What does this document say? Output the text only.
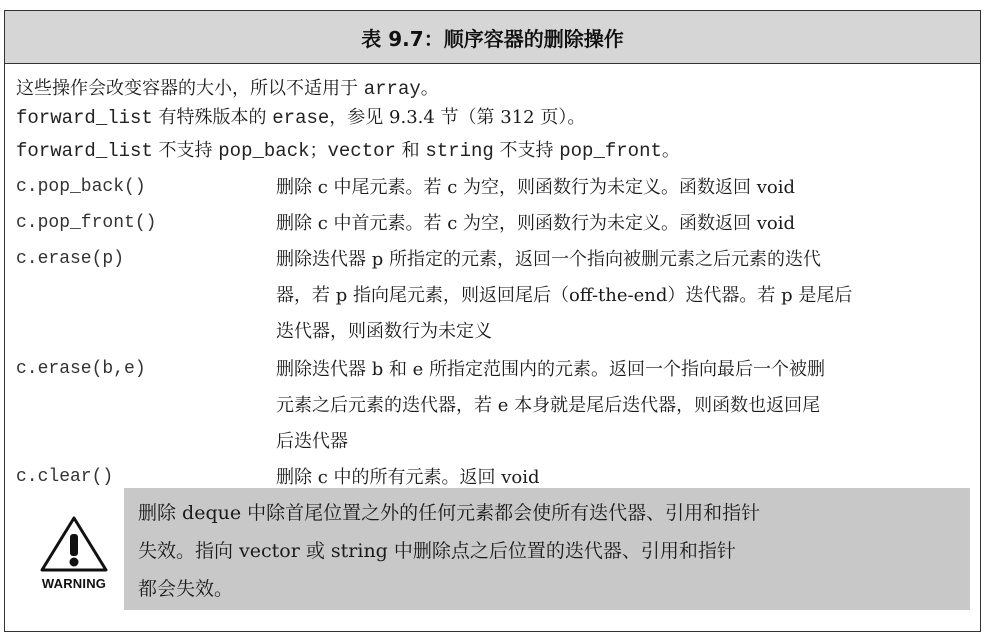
表 9.7：顺序容器的删除操作
这些操作会改变容器的大小，所以不适用于 array。
forward_list 有特殊版本的 erase，参见 9.3.4 节（第 312 页）。
forward_list 不支持 pop_back；vector 和 string 不支持 pop_front。
c.pop_back()	删除 c 中尾元素。若 c 为空，则函数行为未定义。函数返回 void
c.pop_front()	删除 c 中首元素。若 c 为空，则函数行为未定义。函数返回 void
c.erase(p)	删除迭代器 p 所指定的元素，返回一个指向被删元素之后元素的迭代
器，若 p 指向尾元素，则返回尾后（off-the-end）迭代器。若 p 是尾后
迭代器，则函数行为未定义
c.erase(b,e)	删除迭代器 b 和 e 所指定范围内的元素。返回一个指向最后一个被删
元素之后元素的迭代器，若 e 本身就是尾后迭代器，则函数也返回尾
后迭代器
c.clear()	删除 c 中的所有元素。返回 void
WARNING
删除 deque 中除首尾位置之外的任何元素都会使所有迭代器、引用和指针
失效。指向 vector 或 string 中删除点之后位置的迭代器、引用和指针
都会失效。
